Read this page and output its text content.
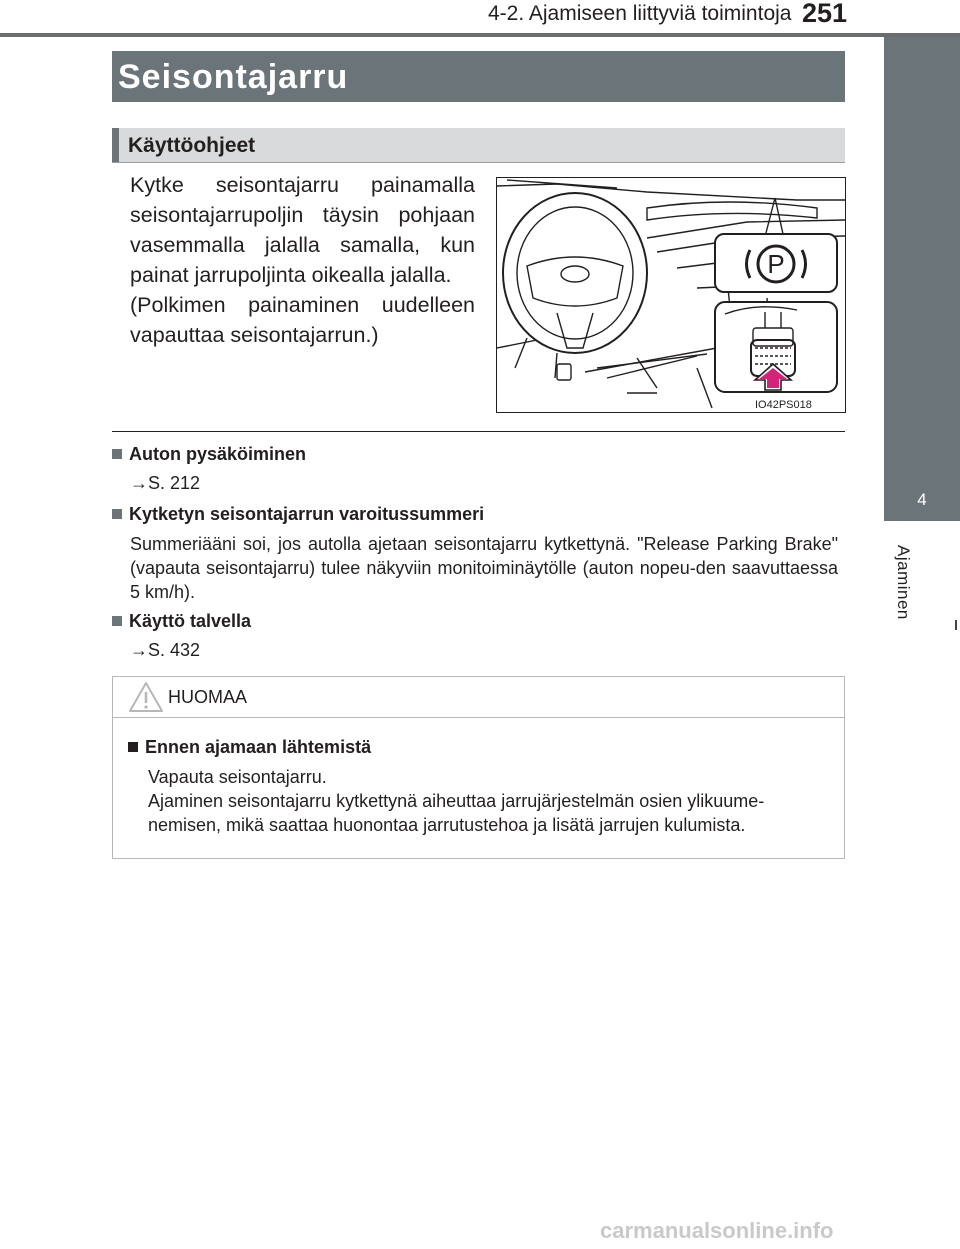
4-2. Ajamiseen liittyviä toimintoja 251
4
Ajaminen
Seisontajarru
Käyttöohjeet

Kytke seisontajarru painamalla seisontajarrupoljin täysin pohjaan vasemmalla jalalla samalla, kun painat jarrupoljinta oikealla jalalla.

(Polkimen painaminen uudelleen vapauttaa seisontajarrun.)

P
IO42PS018
Auton pysäköiminen
→S. 212
Kytketyn seisontajarrun varoitussummeri
Summeriääni soi, jos autolla ajetaan seisontajarru kytkettynä. "Release Parking Brake" (vapauta seisontajarru) tulee näkyviin monitoiminäytölle (auton nopeu-den saavuttaessa 5 km/h).
Käyttö talvella
→S. 432
HUOMAA
Ennen ajamaan lähtemistä
Vapauta seisontajarru.
Ajaminen seisontajarru kytkettynä aiheuttaa jarrujärjestelmän osien ylikuume-
nemisen, mikä saattaa huonontaa jarrutustehoa ja lisätä jarrujen kulumista.
carmanualsonline.info
